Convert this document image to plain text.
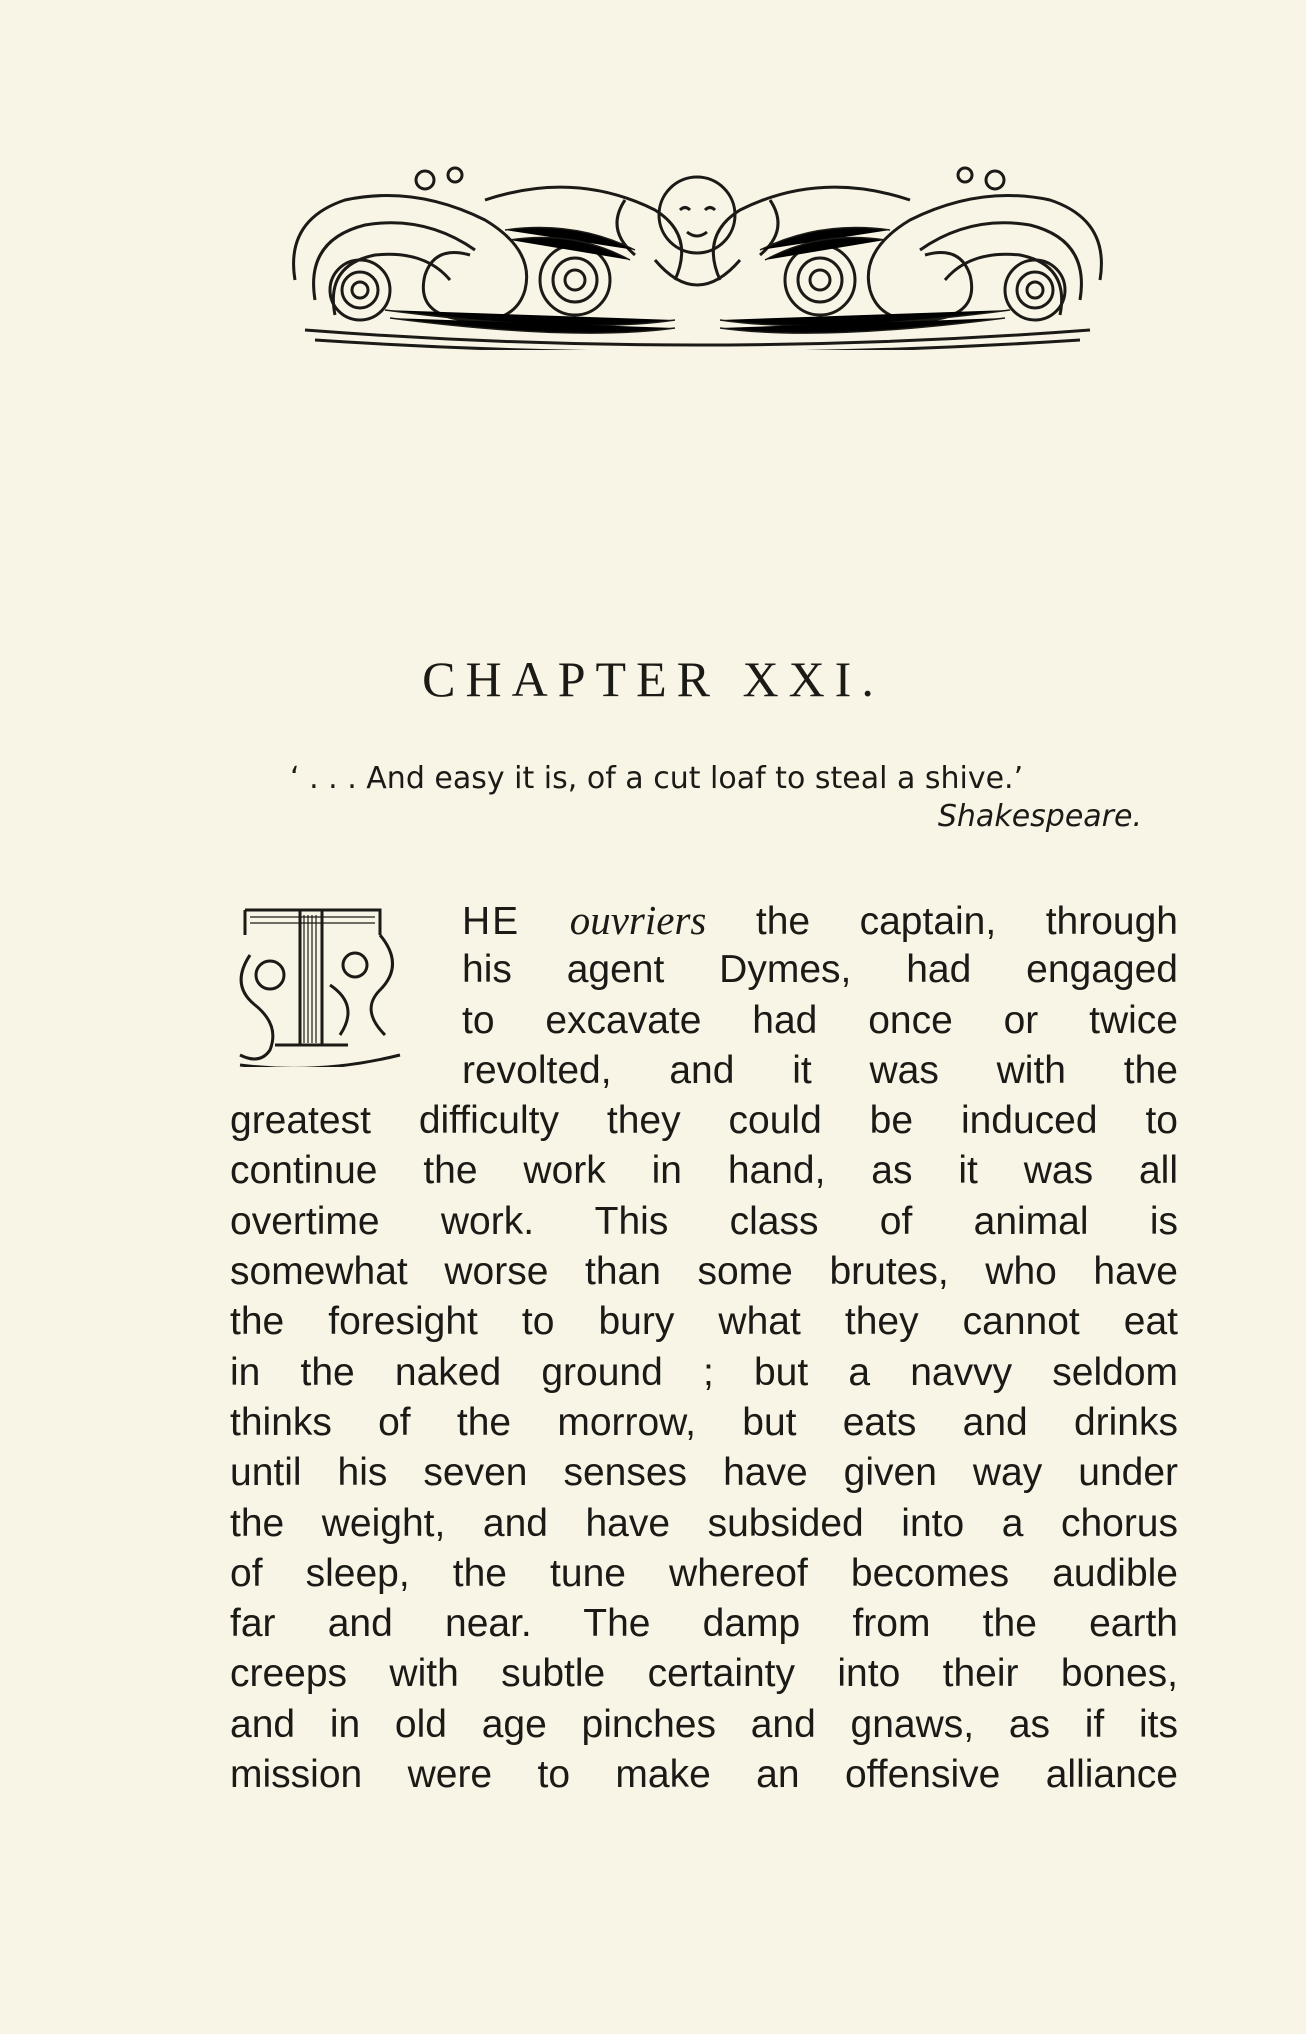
CHAPTER XXI.
‘ . . . And easy it is, of a cut loaf to steal a shive.’
Shakespeare.
HE ouvriers the captain, through
his agent Dymes, had engaged
to excavate had once or twice
revolted, and it was with the
greatest difficulty they could be induced to
continue the work in hand, as it was all
overtime work. This class of animal is
somewhat worse than some brutes, who have
the foresight to bury what they cannot eat
in the naked ground ; but a navvy seldom
thinks of the morrow, but eats and drinks
until his seven senses have given way under
the weight, and have subsided into a chorus
of sleep, the tune whereof becomes audible
far and near. The damp from the earth
creeps with subtle certainty into their bones,
and in old age pinches and gnaws, as if its
mission were to make an offensive alliance
